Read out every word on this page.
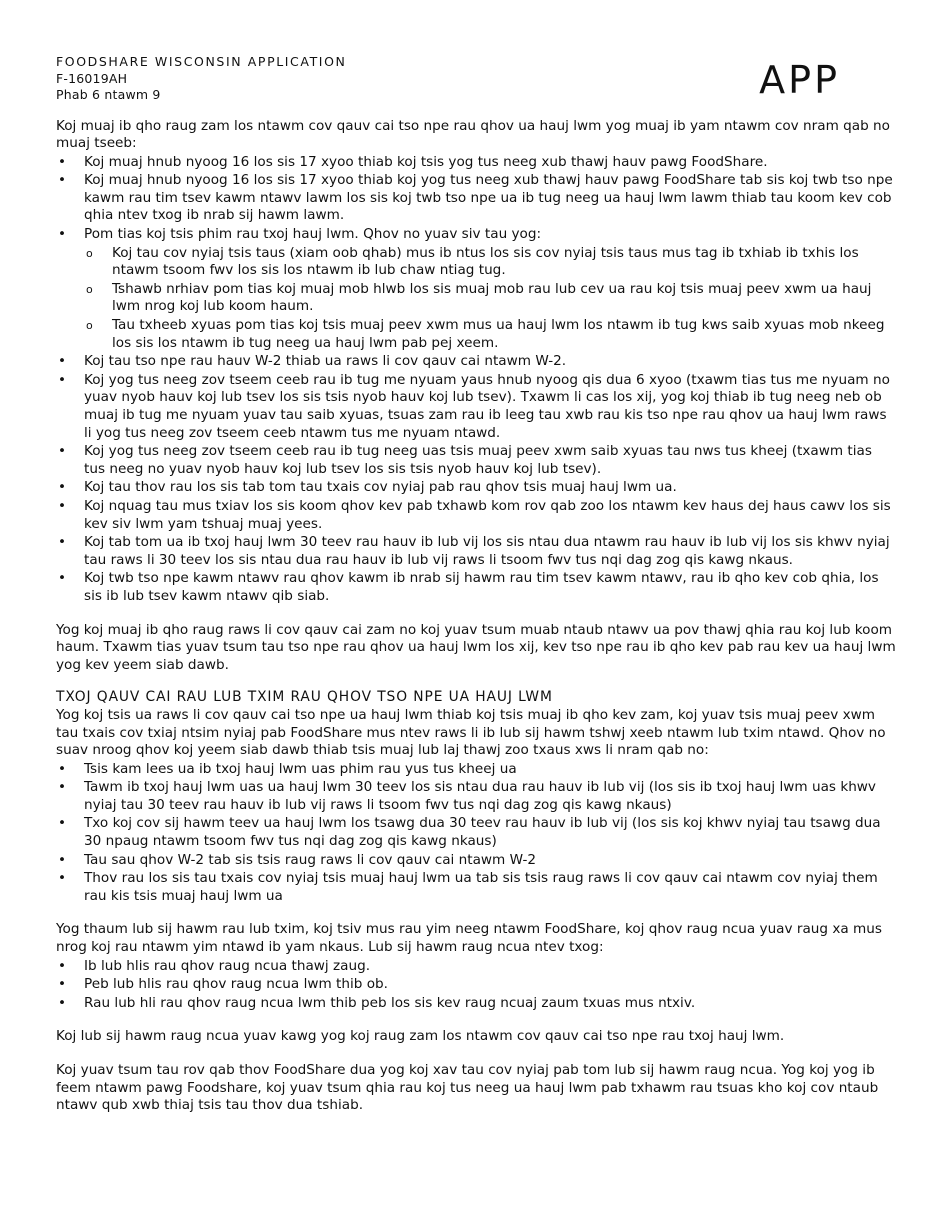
FOODSHARE WISCONSIN APPLICATION
F-16019AH
Phab 6 ntawm 9

Koj muaj ib qho raug zam los ntawm cov qauv cai tso npe rau qhov ua hauj lwm yog muaj ib yam ntawm cov nram qab no muaj tseeb:

• Koj muaj hnub nyoog 16 los sis 17 xyoo thiab koj tsis yog tus neeg xub thawj hauv pawg FoodShare.
• Koj muaj hnub nyoog 16 los sis 17 xyoo thiab koj yog tus neeg xub thawj hauv pawg FoodShare tab sis koj twb tso npe kawm rau tim tsev kawm ntawv lawm los sis koj twb tso npe ua ib tug neeg ua hauj lwm lawm thiab tau koom kev cob qhia ntev txog ib nrab sij hawm lawm.
• Pom tias koj tsis phim rau txoj hauj lwm. Qhov no yuav siv tau yog:
o Koj tau cov nyiaj tsis taus (xiam oob qhab) mus ib ntus los sis cov nyiaj tsis taus mus tag ib txhiab ib txhis los ntawm tsoom fwv los sis los ntawm ib lub chaw ntiag tug.
o Tshawb nrhiav pom tias koj muaj mob hlwb los sis muaj mob rau lub cev ua rau koj tsis muaj peev xwm ua hauj lwm nrog koj lub koom haum.
o Tau txheeb xyuas pom tias koj tsis muaj peev xwm mus ua hauj lwm los ntawm ib tug kws saib xyuas mob nkeeg los sis los ntawm ib tug neeg ua hauj lwm pab pej xeem.
• Koj tau tso npe rau hauv W-2 thiab ua raws li cov qauv cai ntawm W-2.
• Koj yog tus neeg zov tseem ceeb rau ib tug me nyuam yaus hnub nyoog qis dua 6 xyoo (txawm tias tus me nyuam no yuav nyob hauv koj lub tsev los sis tsis nyob hauv koj lub tsev). Txawm li cas los xij, yog koj thiab ib tug neeg neb ob muaj ib tug me nyuam yuav tau saib xyuas, tsuas zam rau ib leeg tau xwb rau kis tso npe rau qhov ua hauj lwm raws li yog tus neeg zov tseem ceeb ntawm tus me nyuam ntawd.
• Koj yog tus neeg zov tseem ceeb rau ib tug neeg uas tsis muaj peev xwm saib xyuas tau nws tus kheej (txawm tias tus neeg no yuav nyob hauv koj lub tsev los sis tsis nyob hauv koj lub tsev).
• Koj tau thov rau los sis tab tom tau txais cov nyiaj pab rau qhov tsis muaj hauj lwm ua.
• Koj nquag tau mus txiav los sis koom qhov kev pab txhawb kom rov qab zoo los ntawm kev haus dej haus cawv los sis kev siv lwm yam tshuaj muaj yees.
• Koj tab tom ua ib txoj hauj lwm 30 teev rau hauv ib lub vij los sis ntau dua ntawm rau hauv ib lub vij los sis khwv nyiaj tau raws li 30 teev los sis ntau dua rau hauv ib lub vij raws li tsoom fwv tus nqi dag zog qis kawg nkaus.
• Koj twb tso npe kawm ntawv rau qhov kawm ib nrab sij hawm rau tim tsev kawm ntawv, rau ib qho kev cob qhia, los sis ib lub tsev kawm ntawv qib siab.

Yog koj muaj ib qho raug raws li cov qauv cai zam no koj yuav tsum muab ntaub ntawv ua pov thawj qhia rau koj lub koom haum. Txawm tias yuav tsum tau tso npe rau qhov ua hauj lwm los xij, kev tso npe rau ib qho kev pab rau kev ua hauj lwm yog kev yeem siab dawb.

TXOJ QAUV CAI RAU LUB TXIM RAU QHOV TSO NPE UA HAUJ LWM

Yog koj tsis ua raws li cov qauv cai tso npe ua hauj lwm thiab koj tsis muaj ib qho kev zam, koj yuav tsis muaj peev xwm tau txais cov txiaj ntsim nyiaj pab FoodShare mus ntev raws li ib lub sij hawm tshwj xeeb ntawm lub txim ntawd. Qhov no suav nroog qhov koj yeem siab dawb thiab tsis muaj lub laj thawj zoo txaus xws li nram qab no:

• Tsis kam lees ua ib txoj hauj lwm uas phim rau yus tus kheej ua
• Tawm ib txoj hauj lwm uas ua hauj lwm 30 teev los sis ntau dua rau hauv ib lub vij (los sis ib txoj hauj lwm uas khwv nyiaj tau 30 teev rau hauv ib lub vij raws li tsoom fwv tus nqi dag zog qis kawg nkaus)
• Txo koj cov sij hawm teev ua hauj lwm los tsawg dua 30 teev rau hauv ib lub vij (los sis koj khwv nyiaj tau tsawg dua 30 npaug ntawm tsoom fwv tus nqi dag zog qis kawg nkaus)
• Tau sau qhov W-2 tab sis tsis raug raws li cov qauv cai ntawm W-2
• Thov rau los sis tau txais cov nyiaj tsis muaj hauj lwm ua tab sis tsis raug raws li cov qauv cai ntawm cov nyiaj them rau kis tsis muaj hauj lwm ua

Yog thaum lub sij hawm rau lub txim, koj tsiv mus rau yim neeg ntawm FoodShare, koj qhov raug ncua yuav raug xa mus nrog koj rau ntawm yim ntawd ib yam nkaus. Lub sij hawm raug ncua ntev txog:

• Ib lub hlis rau qhov raug ncua thawj zaug.
• Peb lub hlis rau qhov raug ncua lwm thib ob.
• Rau lub hli rau qhov raug ncua lwm thib peb los sis kev raug ncuaj zaum txuas mus ntxiv.

Koj lub sij hawm raug ncua yuav kawg yog koj raug zam los ntawm cov qauv cai tso npe rau txoj hauj lwm.

Koj yuav tsum tau rov qab thov FoodShare dua yog koj xav tau cov nyiaj pab tom lub sij hawm raug ncua. Yog koj yog ib feem ntawm pawg Foodshare, koj yuav tsum qhia rau koj tus neeg ua hauj lwm pab txhawm rau tsuas kho koj cov ntaub ntawv qub xwb thiaj tsis tau thov dua tshiab.

APP
